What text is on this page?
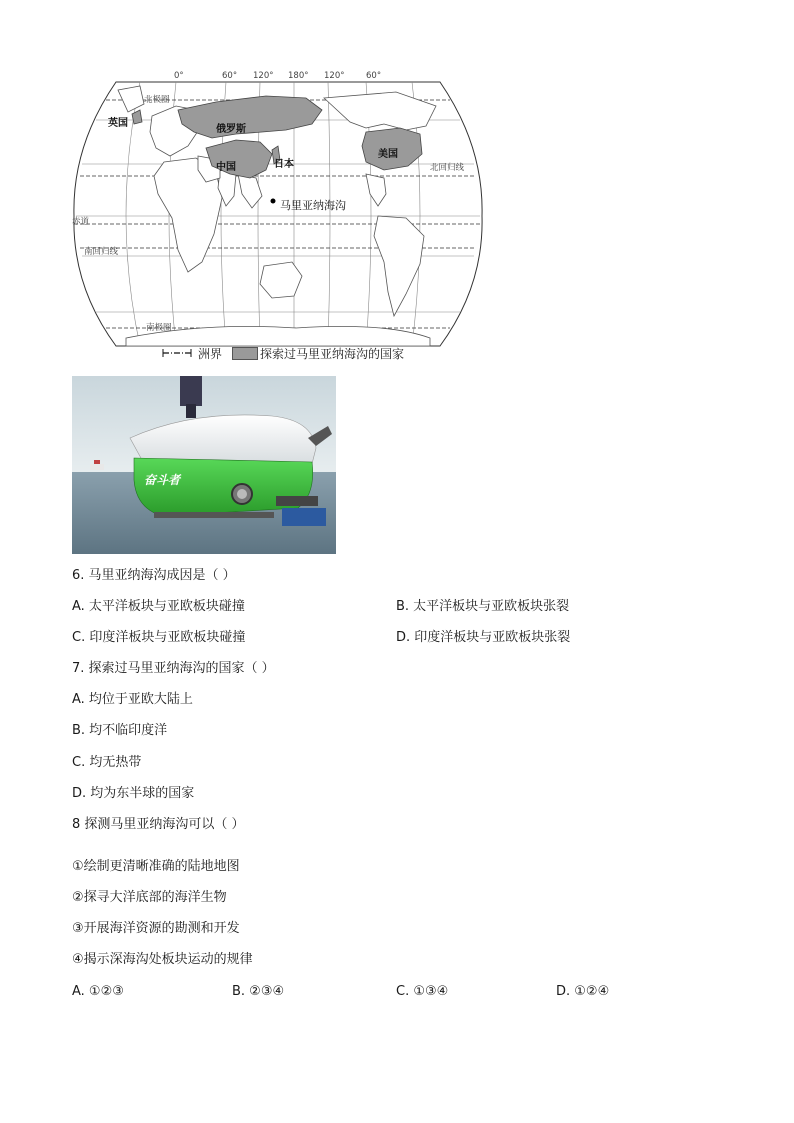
0°	60° 120° 180° 120°	60°
英国
俄罗斯
中国	日本
美国
北极圈
北回归线
赤道
南回归线
南极圈
马里亚纳海沟
洲界	探索过马里亚纳海沟的国家
奋斗者
6. 马里亚纳海沟成因是（ ）
A. 太平洋板块与亚欧板块碰撞	B. 太平洋板块与亚欧板块张裂
C. 印度洋板块与亚欧板块碰撞	D. 印度洋板块与亚欧板块张裂
7. 探索过马里亚纳海沟的国家（ ）
A. 均位于亚欧大陆上
B. 均不临印度洋
C. 均无热带
D. 均为东半球的国家
8 探测马里亚纳海沟可以（ ）
①绘制更清晰准确的陆地地图
②探寻大洋底部的海洋生物
③开展海洋资源的勘测和开发
④揭示深海沟处板块运动的规律
A. ①②③	B. ②③④	C. ①③④	D. ①②④
